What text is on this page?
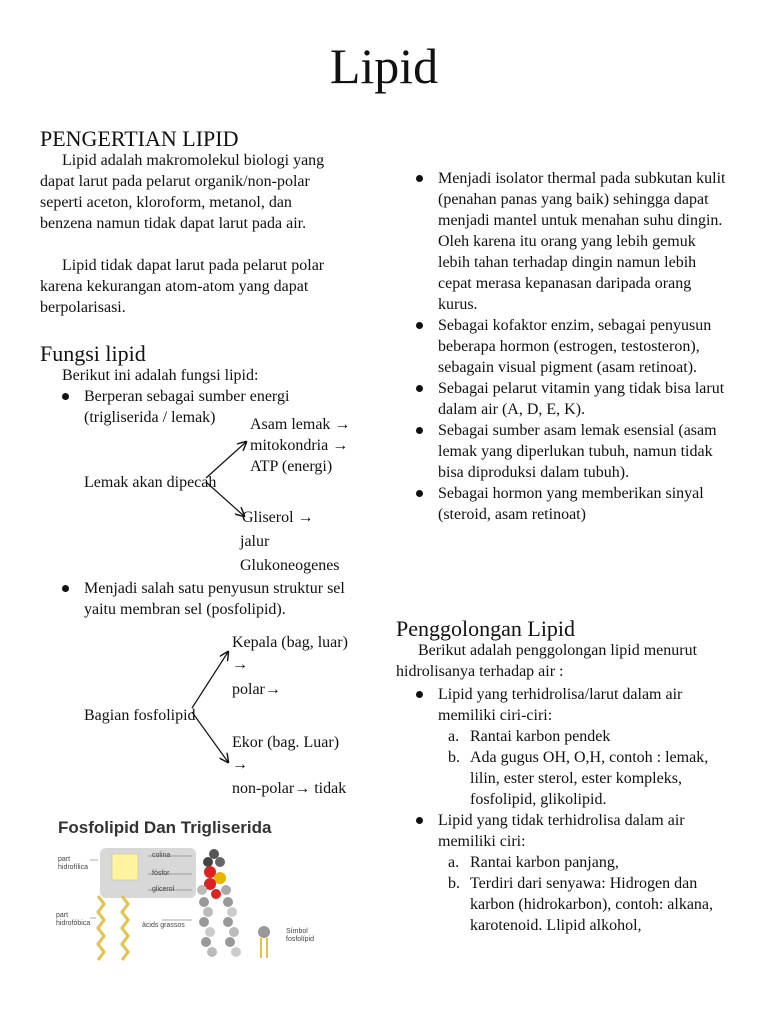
Lipid
PENGERTIAN LIPID
Lipid adalah makromolekul biologi yang dapat larut pada pelarut organik/non-polar seperti aceton, kloroform, metanol, dan benzena namun tidak dapat larut pada air.
Lipid tidak dapat larut pada pelarut polar karena kekurangan atom-atom yang dapat berpolarisasi.
Fungsi lipid
Berikut ini adalah fungsi lipid:
Berperan sebagai sumber energi (trigliserida / lemak)
Lemak akan dipecah
Asam lemak →
mitokondria →
ATP (energi)
Gliserol →
jalur
Glukoneogenes
Menjadi salah satu penyusun struktur sel yaitu membran sel (posfolipid).
Bagian fosfolipid
Kepala (bag, luar)
→
polar→
Ekor (bag. Luar)
→
non-polar→ tidak
Fosfolipid Dan Trigliserida
part hidrofílica
colina
fósfor
glicerol
part hidrofóbica	àcids grassos
Símbol fosfolípid
Menjadi isolator thermal pada subkutan kulit (penahan panas yang baik) sehingga dapat menjadi mantel untuk menahan suhu dingin. Oleh karena itu orang yang lebih gemuk lebih tahan terhadap dingin namun lebih cepat merasa kepanasan daripada orang kurus.
Sebagai kofaktor enzim, sebagai penyusun beberapa hormon (estrogen, testosteron), sebagain visual pigment (asam retinoat).
Sebagai pelarut vitamin yang tidak bisa larut dalam air (A, D, E, K).
Sebagai sumber asam lemak esensial (asam lemak yang diperlukan tubuh, namun tidak bisa diproduksi dalam tubuh).
Sebagai hormon yang memberikan sinyal (steroid, asam retinoat)
Penggolongan Lipid
Berikut adalah penggolongan lipid menurut hidrolisanya terhadap air :
Lipid yang terhidrolisa/larut dalam air memiliki ciri-ciri:
a. Rantai karbon pendek
b. Ada gugus OH, O,H, contoh : lemak, lilin, ester sterol, ester kompleks, fosfolipid, glikolipid.
Lipid yang tidak terhidrolisa dalam air memiliki ciri:
a. Rantai karbon panjang,
b. Terdiri dari senyawa: Hidrogen dan karbon (hidrokarbon), contoh: alkana, karotenoid. Llipid alkohol,
